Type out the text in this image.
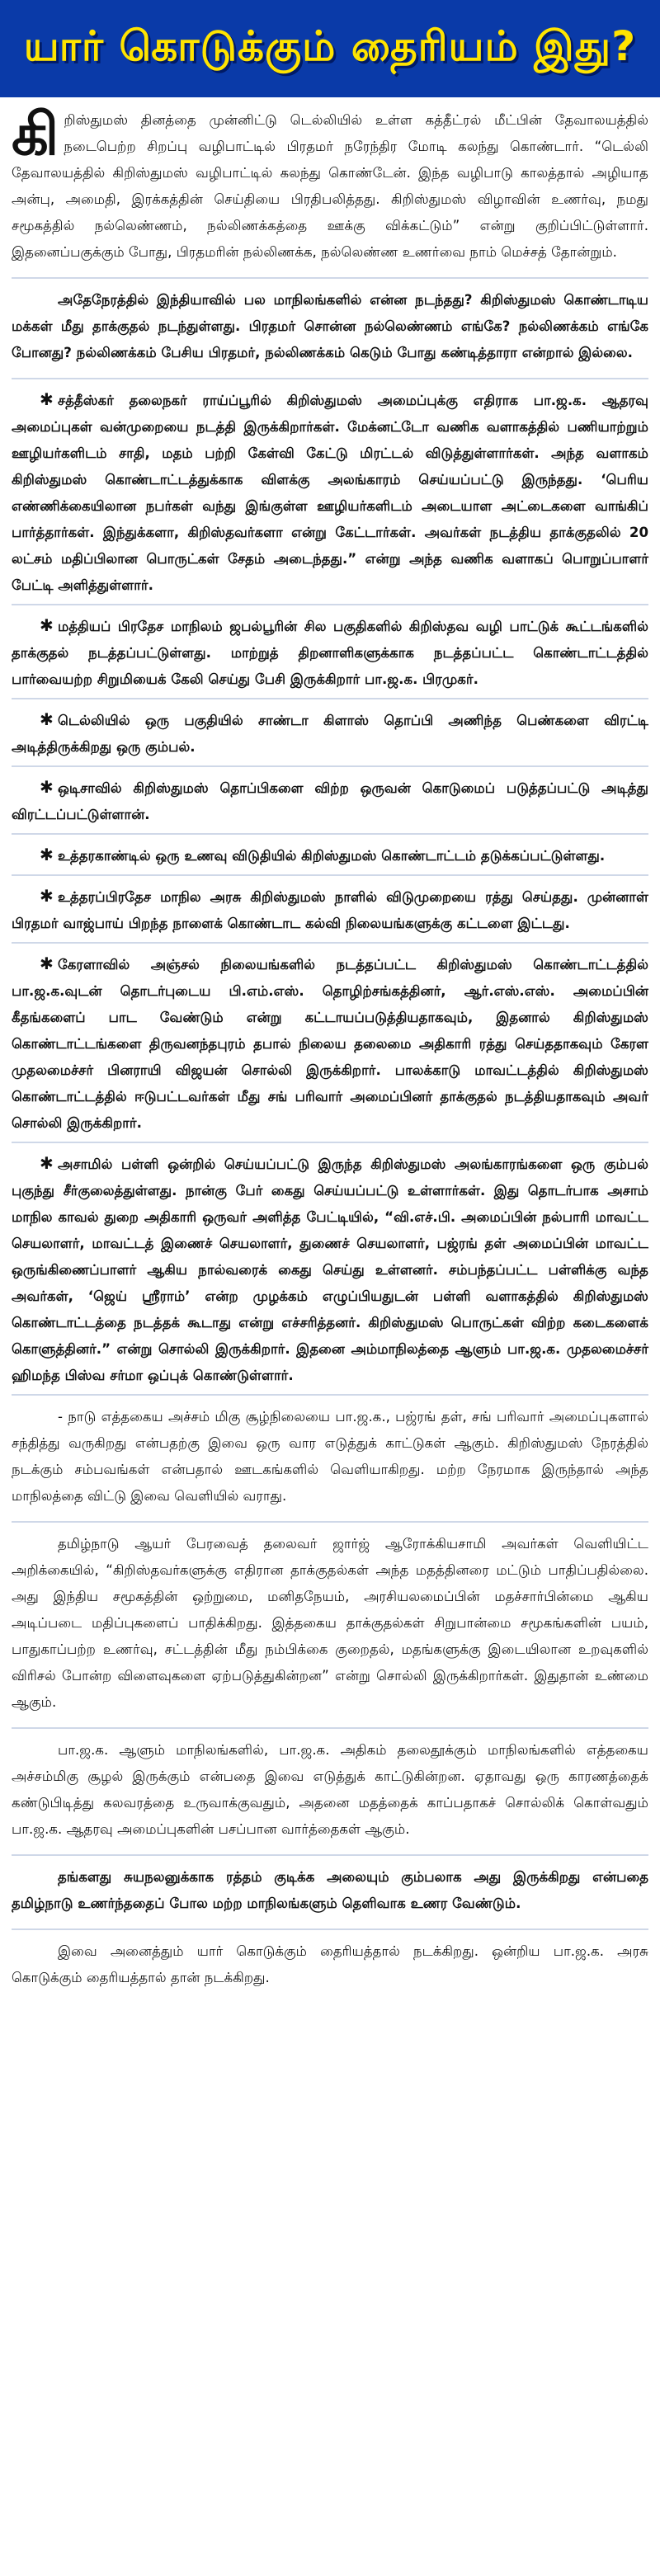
யார் கொடுக்கும் தைரியம் இது?

கிறிஸ்துமஸ் தினத்தை முன்னிட்டு டெல்லியில் உள்ள கத்தீட்ரல் மீட்பின் தேவாலயத்தில் நடைபெற்ற சிறப்பு வழிபாட்டில் பிரதமர் நரேந்திர மோடி கலந்து கொண்டார். “டெல்லி தேவாலயத்தில் கிறிஸ்துமஸ் வழிபாட்டில் கலந்து கொண்டேன். இந்த வழிபாடு காலத்தால் அழியாத அன்பு, அமைதி, இரக்கத்தின் செய்தியை பிரதிபலித்தது. கிறிஸ்துமஸ் விழாவின் உணர்வு, நமது சமூகத்தில் நல்லெண்ணம், நல்லிணக்கத்தை ஊக்கு விக்கட்டும்” என்று குறிப்பிட்டுள்ளார். இதனைப்பகுக்கும் போது, பிரதமரின் நல்லிணக்க, நல்லெண்ண உணர்வை நாம் மெச்சத் தோன்றும்.

அதேநேரத்தில் இந்தியாவில் பல மாநிலங்களில் என்ன நடந்தது? கிறிஸ்துமஸ் கொண்டாடிய மக்கள் மீது தாக்குதல் நடந்துள்ளது. பிரதமர் சொன்ன நல்லெண்ணம் எங்கே? நல்லிணக்கம் எங்கே போனது? நல்லிணக்கம் பேசிய பிரதமர், நல்லிணக்கம் கெடும் போது கண்டித்தாரா என்றால் இல்லை.

✱ சத்தீஸ்கர் தலைநகர் ராய்ப்பூரில் கிறிஸ்துமஸ் அமைப்புக்கு எதிராக பா.ஜ.க. ஆதரவு அமைப்புகள் வன்முறையை நடத்தி இருக்கிறார்கள். மேக்னட்டோ வணிக வளாகத்தில் பணியாற்றும் ஊழியர்களிடம் சாதி, மதம் பற்றி கேள்வி கேட்டு மிரட்டல் விடுத்துள்ளார்கள். அந்த வளாகம் கிறிஸ்துமஸ் கொண்டாட்டத்துக்காக விளக்கு அலங்காரம் செய்யப்பட்டு இருந்தது. ‘பெரிய எண்ணிக்கையிலான நபர்கள் வந்து இங்குள்ள ஊழியர்களிடம் அடையாள அட்டைகளை வாங்கிப் பார்த்தார்கள். இந்துக்களா, கிறிஸ்தவர்களா என்று கேட்டார்கள். அவர்கள் நடத்திய தாக்குதலில் 20 லட்சம் மதிப்பிலான பொருட்கள் சேதம் அடைந்தது.” என்று அந்த வணிக வளாகப் பொறுப்பாளர் பேட்டி அளித்துள்ளார்.

✱ மத்தியப் பிரதேச மாநிலம் ஜபல்பூரின் சில பகுதிகளில் கிறிஸ்தவ வழி பாட்டுக் கூட்டங்களில் தாக்குதல் நடத்தப்பட்டுள்ளது. மாற்றுத் திறனாளிகளுக்காக நடத்தப்பட்ட கொண்டாட்டத்தில் பார்வையற்ற சிறுமியைக் கேலி செய்து பேசி இருக்கிறார் பா.ஜ.க. பிரமுகர்.

✱ டெல்லியில் ஒரு பகுதியில் சாண்டா கிளாஸ் தொப்பி அணிந்த பெண்களை விரட்டி அடித்திருக்கிறது ஒரு கும்பல்.

✱ ஒடிசாவில் கிறிஸ்துமஸ் தொப்பிகளை விற்ற ஒருவன் கொடுமைப் படுத்தப்பட்டு அடித்து விரட்டப்பட்டுள்ளான்.

✱ உத்தரகாண்டில் ஒரு உணவு விடுதியில் கிறிஸ்துமஸ் கொண்டாட்டம் தடுக்கப்பட்டுள்ளது.

✱ உத்தரப்பிரதேச மாநில அரசு கிறிஸ்துமஸ் நாளில் விடுமுறையை ரத்து செய்தது. முன்னாள் பிரதமர் வாஜ்பாய் பிறந்த நாளைக் கொண்டாட கல்வி நிலையங்களுக்கு கட்டளை இட்டது.

✱ கேரளாவில் அஞ்சல் நிலையங்களில் நடத்தப்பட்ட கிறிஸ்துமஸ் கொண்டாட்டத்தில் பா.ஜ.க.வுடன் தொடர்புடைய பி.எம்.எஸ். தொழிற்சங்கத்தினர், ஆர்.எஸ்.எஸ். அமைப்பின் கீதங்களைப் பாட வேண்டும் என்று கட்டாயப்படுத்தியதாகவும், இதனால் கிறிஸ்துமஸ் கொண்டாட்டங்களை திருவனந்தபுரம் தபால் நிலைய தலைமை அதிகாரி ரத்து செய்ததாகவும் கேரள முதலமைச்சர் பினராயி விஜயன் சொல்லி இருக்கிறார். பாலக்காடு மாவட்டத்தில் கிறிஸ்துமஸ் கொண்டாட்டத்தில் ஈடுபட்டவர்கள் மீது சங் பரிவார் அமைப்பினர் தாக்குதல் நடத்தியதாகவும் அவர் சொல்லி இருக்கிறார்.

✱ அசாமில் பள்ளி ஒன்றில் செய்யப்பட்டு இருந்த கிறிஸ்துமஸ் அலங்காரங்களை ஒரு கும்பல் புகுந்து சீர்குலைத்துள்ளது. நான்கு பேர் கைது செய்யப்பட்டு உள்ளார்கள். இது தொடர்பாக அசாம் மாநில காவல் துறை அதிகாரி ஒருவர் அளித்த பேட்டியில், “வி.எச்.பி. அமைப்பின் நல்பாரி மாவட்ட செயலாளர், மாவட்டத் இணைச் செயலாளர், துணைச் செயலாளர், பஜ்ரங் தள் அமைப்பின் மாவட்ட ஒருங்கிணைப்பாளர் ஆகிய நால்வரைக் கைது செய்து உள்ளனர். சம்பந்தப்பட்ட பள்ளிக்கு வந்த அவர்கள், ‘ஜெய் ஸ்ரீராம்’ என்ற முழக்கம் எழுப்பியதுடன் பள்ளி வளாகத்தில் கிறிஸ்துமஸ் கொண்டாட்டத்தை நடத்தக் கூடாது என்று எச்சரித்தனர். கிறிஸ்துமஸ் பொருட்கள் விற்ற கடைகளைக் கொளுத்தினர்.” என்று சொல்லி இருக்கிறார். இதனை அம்மாநிலத்தை ஆளும் பா.ஜ.க. முதலமைச்சர் ஹிமந்த பிஸ்வ சர்மா ஒப்புக் கொண்டுள்ளார்.

- நாடு எத்தகைய அச்சம் மிகு சூழ்நிலையை பா.ஜ.க., பஜ்ரங் தள், சங் பரிவார் அமைப்புகளால் சந்தித்து வருகிறது என்பதற்கு இவை ஒரு வார எடுத்துக் காட்டுகள் ஆகும். கிறிஸ்துமஸ் நேரத்தில் நடக்கும் சம்பவங்கள் என்பதால் ஊடகங்களில் வெளியாகிறது. மற்ற நேரமாக இருந்தால் அந்த மாநிலத்தை விட்டு இவை வெளியில் வராது.

தமிழ்நாடு ஆயர் பேரவைத் தலைவர் ஜார்ஜ் ஆரோக்கியசாமி அவர்கள் வெளியிட்ட அறிக்கையில், “கிறிஸ்தவர்களுக்கு எதிரான தாக்குதல்கள் அந்த மதத்தினரை மட்டும் பாதிப்பதில்லை. அது இந்திய சமூகத்தின் ஒற்றுமை, மனிதநேயம், அரசியலமைப்பின் மதச்சார்பின்மை ஆகிய அடிப்படை மதிப்புகளைப் பாதிக்கிறது. இத்தகைய தாக்குதல்கள் சிறுபான்மை சமூகங்களின் பயம், பாதுகாப்பற்ற உணர்வு, சட்டத்தின் மீது நம்பிக்கை குறைதல், மதங்களுக்கு இடையிலான உறவுகளில் விரிசல் போன்ற விளைவுகளை ஏற்படுத்துகின்றன” என்று சொல்லி இருக்கிறார்கள். இதுதான் உண்மை ஆகும்.

பா.ஜ.க. ஆளும் மாநிலங்களில், பா.ஜ.க. அதிகம் தலைதூக்கும் மாநிலங்களில் எத்தகைய அச்சம்மிகு சூழல் இருக்கும் என்பதை இவை எடுத்துக் காட்டுகின்றன. ஏதாவது ஒரு காரணத்தைக் கண்டுபிடித்து கலவரத்தை உருவாக்குவதும், அதனை மதத்தைக் காப்பதாகச் சொல்லிக் கொள்வதும் பா.ஜ.க. ஆதரவு அமைப்புகளின் பசப்பான வார்த்தைகள் ஆகும்.

தங்களது சுயநலனுக்காக ரத்தம் குடிக்க அலையும் கும்பலாக அது இருக்கிறது என்பதை தமிழ்நாடு உணர்ந்ததைப் போல மற்ற மாநிலங்களும் தெளிவாக உணர வேண்டும்.

இவை அனைத்தும் யார் கொடுக்கும் தைரியத்தால் நடக்கிறது. ஒன்றிய பா.ஜ.க. அரசு கொடுக்கும் தைரியத்தால் தான் நடக்கிறது.
